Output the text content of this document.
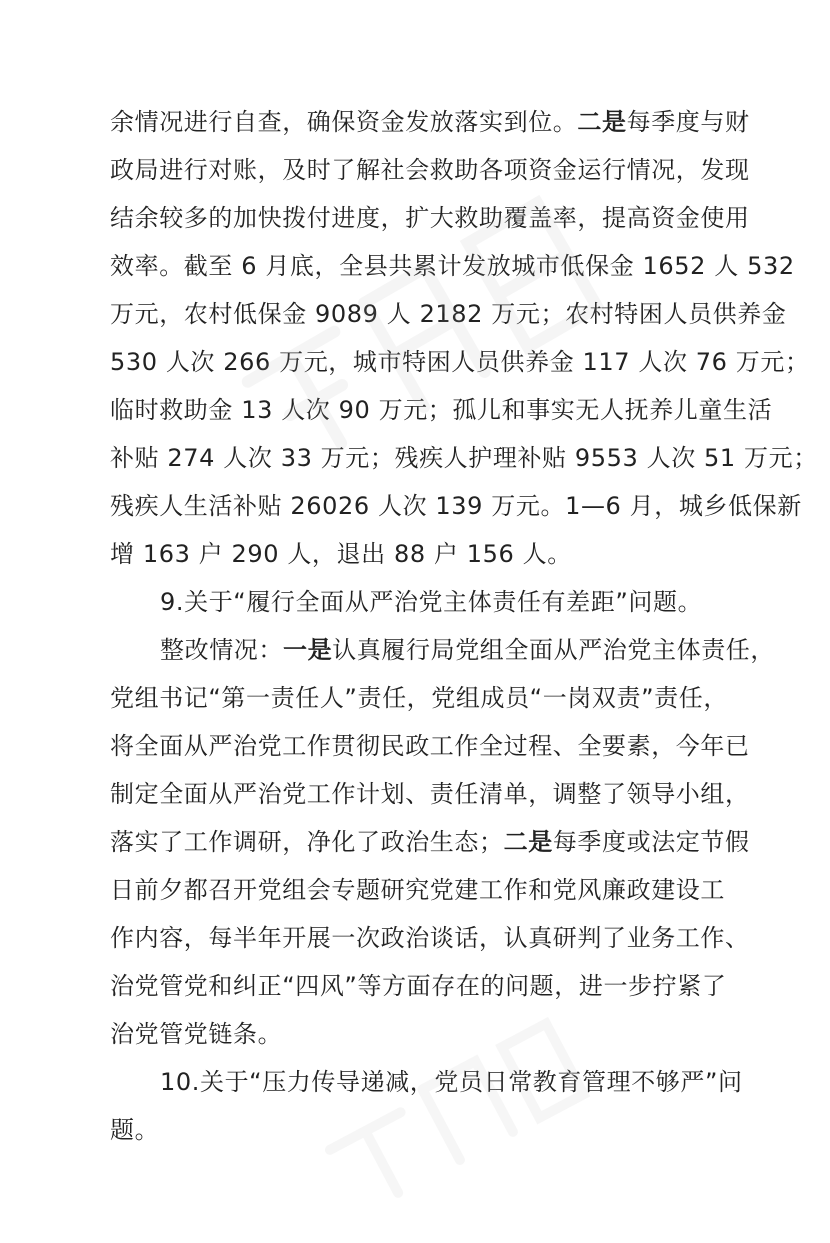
余情况进行自查，确保资金发放落实到位。二是每季度与财
政局进行对账，及时了解社会救助各项资金运行情况，发现
结余较多的加快拨付进度，扩大救助覆盖率，提高资金使用
效率。截至 6 月底，全县共累计发放城市低保金 1652 人 532
万元，农村低保金 9089 人 2182 万元；农村特困人员供养金
530 人次 266 万元，城市特困人员供养金 117 人次 76 万元；
临时救助金 13 人次 90 万元；孤儿和事实无人抚养儿童生活
补贴 274 人次 33 万元；残疾人护理补贴 9553 人次 51 万元；
残疾人生活补贴 26026 人次 139 万元。1—6 月，城乡低保新
增 163 户 290 人，退出 88 户 156 人。
9.关于“履行全面从严治党主体责任有差距”问题。
整改情况：一是认真履行局党组全面从严治党主体责任，
党组书记“第一责任人”责任，党组成员“一岗双责”责任，
将全面从严治党工作贯彻民政工作全过程、全要素，今年已
制定全面从严治党工作计划、责任清单，调整了领导小组，
落实了工作调研，净化了政治生态；二是每季度或法定节假
日前夕都召开党组会专题研究党建工作和党风廉政建设工
作内容，每半年开展一次政治谈话，认真研判了业务工作、
治党管党和纠正“四风”等方面存在的问题，进一步拧紧了
治党管党链条。
10.关于“压力传导递减，党员日常教育管理不够严”问
题。
